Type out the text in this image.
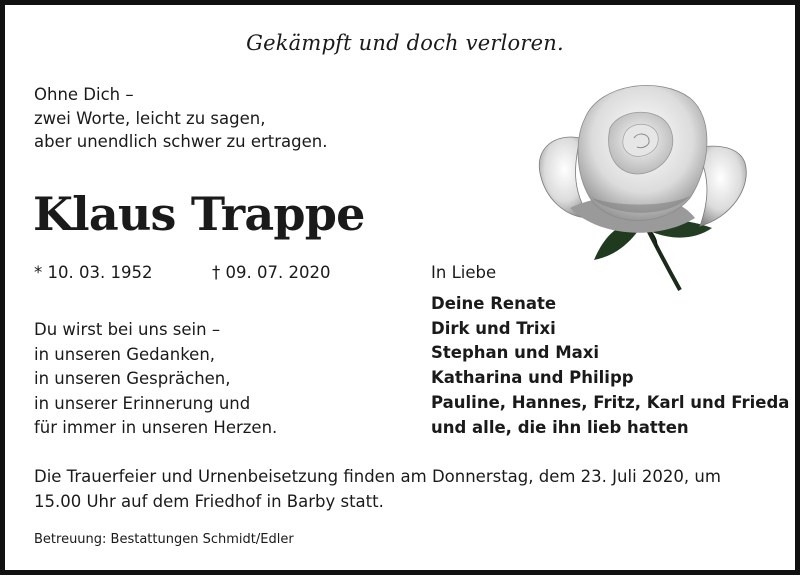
Gekämpft und doch verloren.
Ohne Dich –
zwei Worte, leicht zu sagen,
aber unendlich schwer zu ertragen.
Klaus Trappe
* 10. 03. 1952	† 09. 07. 2020
Du wirst bei uns sein –
in unseren Gedanken,
in unseren Gesprächen,
in unserer Erinnerung und
für immer in unseren Herzen.
In Liebe
Deine Renate
Dirk und Trixi
Stephan und Maxi
Katharina und Philipp
Pauline, Hannes, Fritz, Karl und Frieda
und alle, die ihn lieb hatten
Die Trauerfeier und Urnenbeisetzung finden am Donnerstag, dem 23. Juli 2020, um
15.00 Uhr auf dem Friedhof in Barby statt.
Betreuung: Bestattungen Schmidt/Edler
